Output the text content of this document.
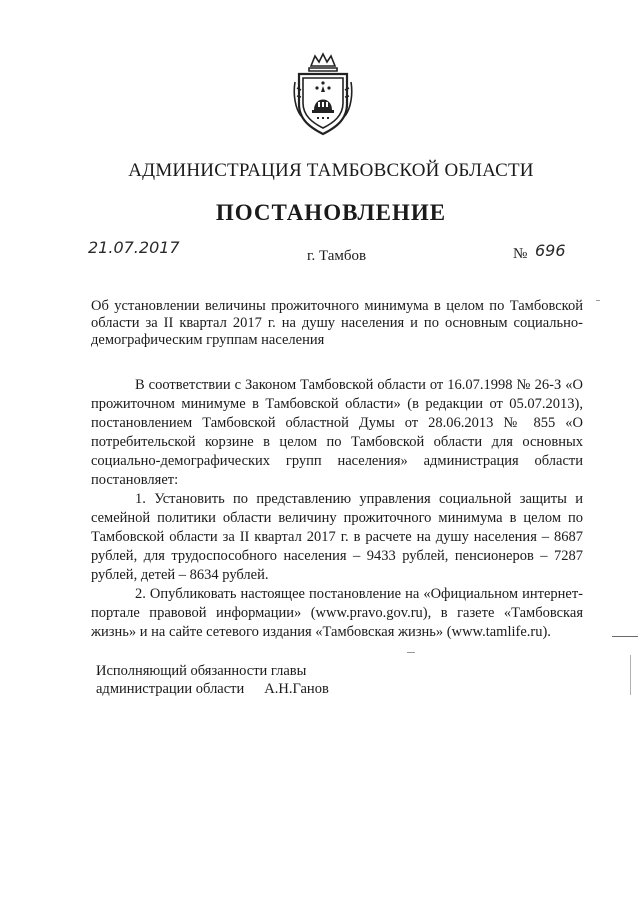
АДМИНИСТРАЦИЯ ТАМБОВСКОЙ ОБЛАСТИ
ПОСТАНОВЛЕНИЕ
21.07.2017	г. Тамбов	№ 696
Об установлении величины прожиточного минимума в целом по Тамбовской области за II квартал 2017 г. на душу населения и по основным социально-демографическим группам населения

В соответствии с Законом Тамбовской области от 16.07.1998 № 26-З «О прожиточном минимуме в Тамбовской области» (в редакции от 05.07.2013), постановлением Тамбовской областной Думы от 28.06.2013 № 855 «О потребительской корзине в целом по Тамбовской области для основных социально-демографических групп населения» администрация области постановляет:

1. Установить по представлению управления социальной защиты и семейной политики области величину прожиточного минимума в целом по Тамбовской области за II квартал 2017 г. в расчете на душу населения – 8687 рублей, для трудоспособного населения – 9433 рублей, пенсионеров – 7287 рублей, детей – 8634 рублей.

2. Опубликовать настоящее постановление на «Официальном интернет-портале правовой информации» (www.pravo.gov.ru), в газете «Тамбовская жизнь» и на сайте сетевого издания «Тамбовская жизнь» (www.tamlife.ru).

Исполняющий обязанности главы
администрации области А.Н.Ганов
